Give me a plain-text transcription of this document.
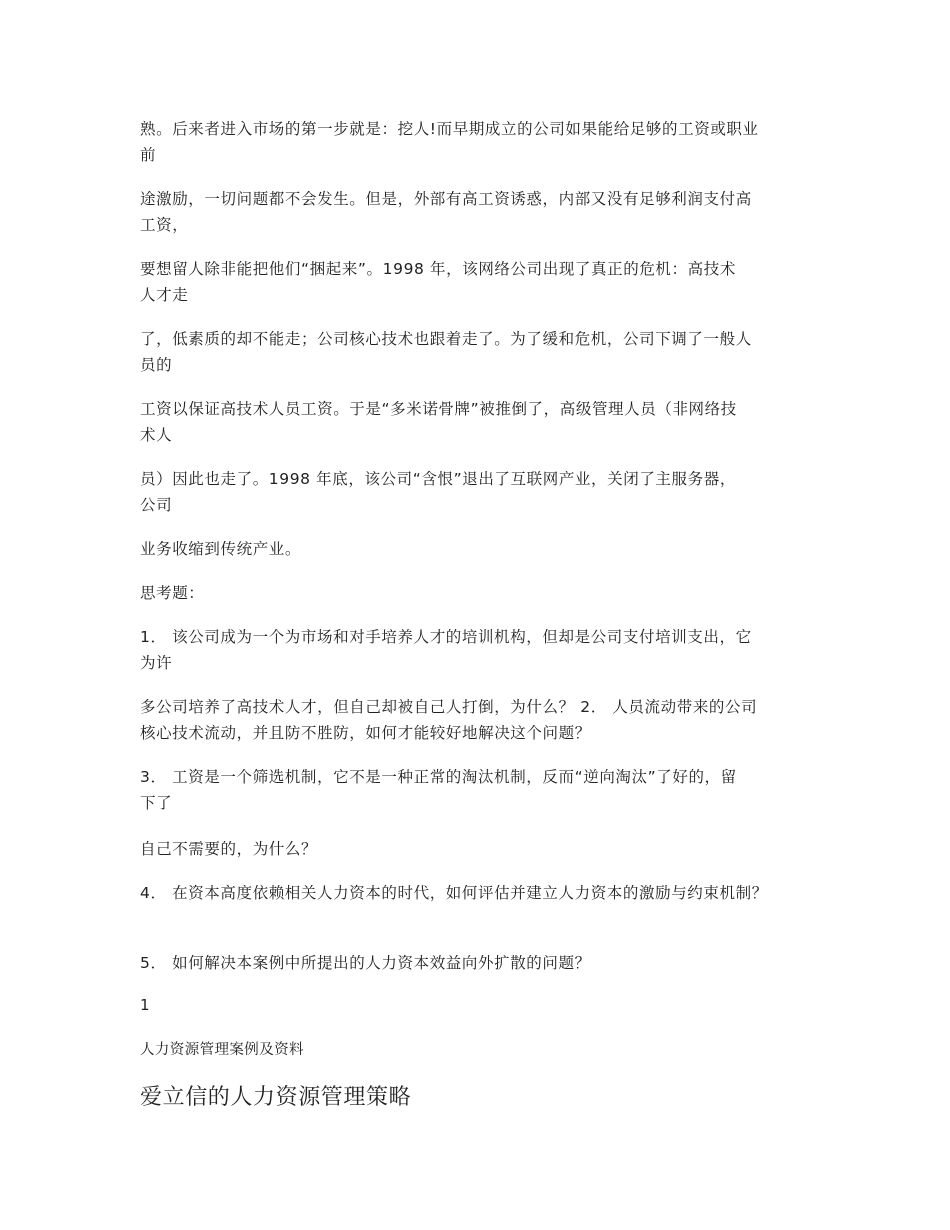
熟。后来者进入市场的第一步就是：挖人!而早期成立的公司如果能给足够的工资或职业
前

途激励，一切问题都不会发生。但是，外部有高工资诱惑，内部又没有足够利润支付高
工资，

要想留人除非能把他们“捆起来”。1998 年，该网络公司出现了真正的危机：高技术
人才走

了，低素质的却不能走；公司核心技术也跟着走了。为了缓和危机，公司下调了一般人
员的

工资以保证高技术人员工资。于是“多米诺骨牌”被推倒了，高级管理人员（非网络技
术人

员）因此也走了。1998 年底，该公司“含恨”退出了互联网产业，关闭了主服务器，
公司

业务收缩到传统产业。

思考题：

1． 该公司成为一个为市场和对手培养人才的培训机构，但却是公司支付培训支出，它
为许

多公司培养了高技术人才，但自己却被自己人打倒，为什么？ 2． 人员流动带来的公司
核心技术流动，并且防不胜防，如何才能较好地解决这个问题？

3． 工资是一个筛选机制，它不是一种正常的淘汰机制，反而“逆向淘汰”了好的，留
下了

自己不需要的，为什么？

4． 在资本高度依赖相关人力资本的时代，如何评估并建立人力资本的激励与约束机制？

5． 如何解决本案例中所提出的人力资本效益向外扩散的问题？

1

人力资源管理案例及资料

爱立信的人力资源管理策略
